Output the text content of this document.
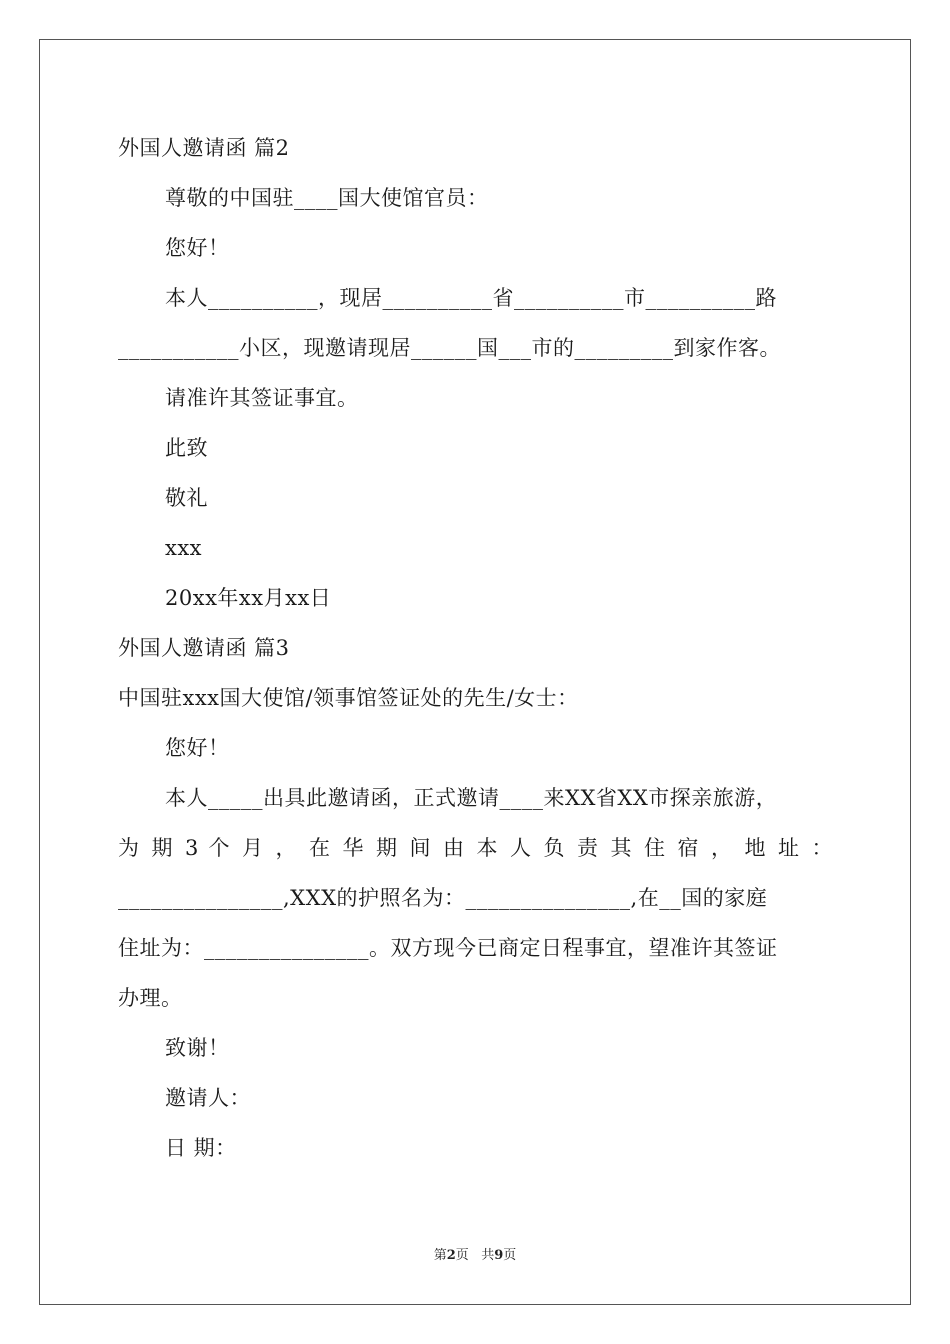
外国人邀请函 篇2
尊敬的中国驻____国大使馆官员：
您好！
本人__________，现居__________省__________市__________路
___________小区，现邀请现居______国___市的_________到家作客。
请准许其签证事宜。
此致
敬礼
xxx
20xx年xx月xx日
外国人邀请函 篇3
中国驻xxx国大使馆/领事馆签证处的先生/女士：
您好！
本人_____出具此邀请函，正式邀请____来XX省XX市探亲旅游，
为 期 3 个 月 ， 在 华 期 间 由 本 人 负 责 其 住 宿 ， 地 址 ：
_______________,XXX的护照名为：_______________,在__国的家庭
住址为：_______________。双方现今已商定日程事宜，望准许其签证
办理。
致谢！
邀请人：
日 期：
第2页 共9页
